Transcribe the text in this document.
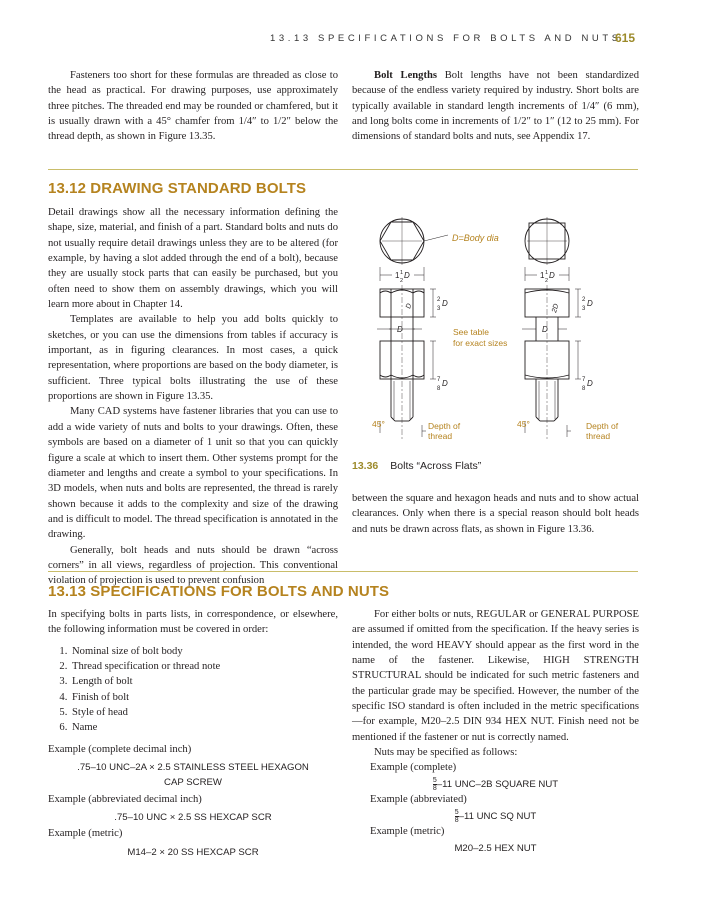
13.13 SPECIFICATIONS FOR BOLTS AND NUTS
615
Fasteners too short for these formulas are threaded as close to the head as practical. For drawing purposes, use approximately three pitches. The threaded end may be rounded or chamfered, but it is usually drawn with a 45° chamfer from 1/4″ to 1/2″ below the thread depth, as shown in Figure 13.35.
Bolt Lengths Bolt lengths have not been standardized because of the endless variety required by industry. Short bolts are typically available in standard length increments of 1/4″ (6 mm), and long bolts come in increments of 1/2″ to 1″ (12 to 25 mm). For dimensions of standard bolts and nuts, see Appendix 17.
13.12 DRAWING STANDARD BOLTS

Detail drawings show all the necessary information defining the shape, size, material, and finish of a part. Standard bolts and nuts do not usually require detail drawings unless they are to be altered (for example, by having a slot added through the end of a bolt), because they are usually stock parts that can easily be purchased, but you often need to show them on assembly drawings, which you will learn more about in Chapter 14.

Templates are available to help you add bolts quickly to sketches, or you can use the dimensions from tables if accuracy is important, as in figuring clearances. In most cases, a quick representation, where proportions are based on the body diameter, is sufficient. Three typical bolts illustrating the use of these proportions are shown in Figure 13.35.

Many CAD systems have fastener libraries that you can use to add a wide variety of nuts and bolts to your drawings. Often, these symbols are based on a diameter of 1 unit so that you can quickly figure a scale at which to insert them. Other systems prompt for the diameter and lengths and create a symbol to your specifications. In 3D models, when nuts and bolts are represented, the thread is rarely shown because it adds to the complexity and size of the drawing and is difficult to model. The thread specification is annotated in the drawing.

Generally, bolt heads and nuts should be drawn “across corners” in all views, regardless of projection. This conventional violation of projection is used to prevent confusion

D=Body dia
See table
for exact sizes
Depth of
thread
Depth of
thread
45°	45°
1 1
2
D	1 1
2
D
2
3
D	2
3
D
7
8
D	7
8
D
D	D
D	2D
13.36 Bolts “Across Flats”
between the square and hexagon heads and nuts and to show actual clearances. Only when there is a special reason should bolt heads and nuts be drawn across flats, as shown in Figure 13.36.
13.13 SPECIFICATIONS FOR BOLTS AND NUTS

In specifying bolts in parts lists, in correspondence, or elsewhere, the following information must be covered in order:

1. Nominal size of bolt body
2. Thread specification or thread note
3. Length of bolt
4. Finish of bolt
5. Style of head
6. Name

Example (complete decimal inch)

.75–10 UNC–2A × 2.5 STAINLESS STEEL HEXAGON

CAP SCREW

Example (abbreviated decimal inch)

.75–10 UNC × 2.5 SS HEXCAP SCR

Example (metric)

M14–2 × 20 SS HEXCAP SCR

For either bolts or nuts, REGULAR or GENERAL PURPOSE are assumed if omitted from the specification. If the heavy series is intended, the word HEAVY should appear as the first word in the name of the fastener. Likewise, HIGH STRENGTH STRUCTURAL should be indicated for such metric fasteners and the particular grade may be specified. However, the number of the specific ISO standard is often included in the metric specifications—for example, M20–2.5 DIN 934 HEX NUT. Finish need not be mentioned if the fastener or nut is correctly named.

Nuts may be specified as follows:

Example (complete)

$\frac{5}{8} -11$ UNC–2B SQUARE NUT

Example (abbreviated)

$\frac{5}{8} -11$ UNC SQ NUT

Example (metric)

M20–2.5 HEX NUT
